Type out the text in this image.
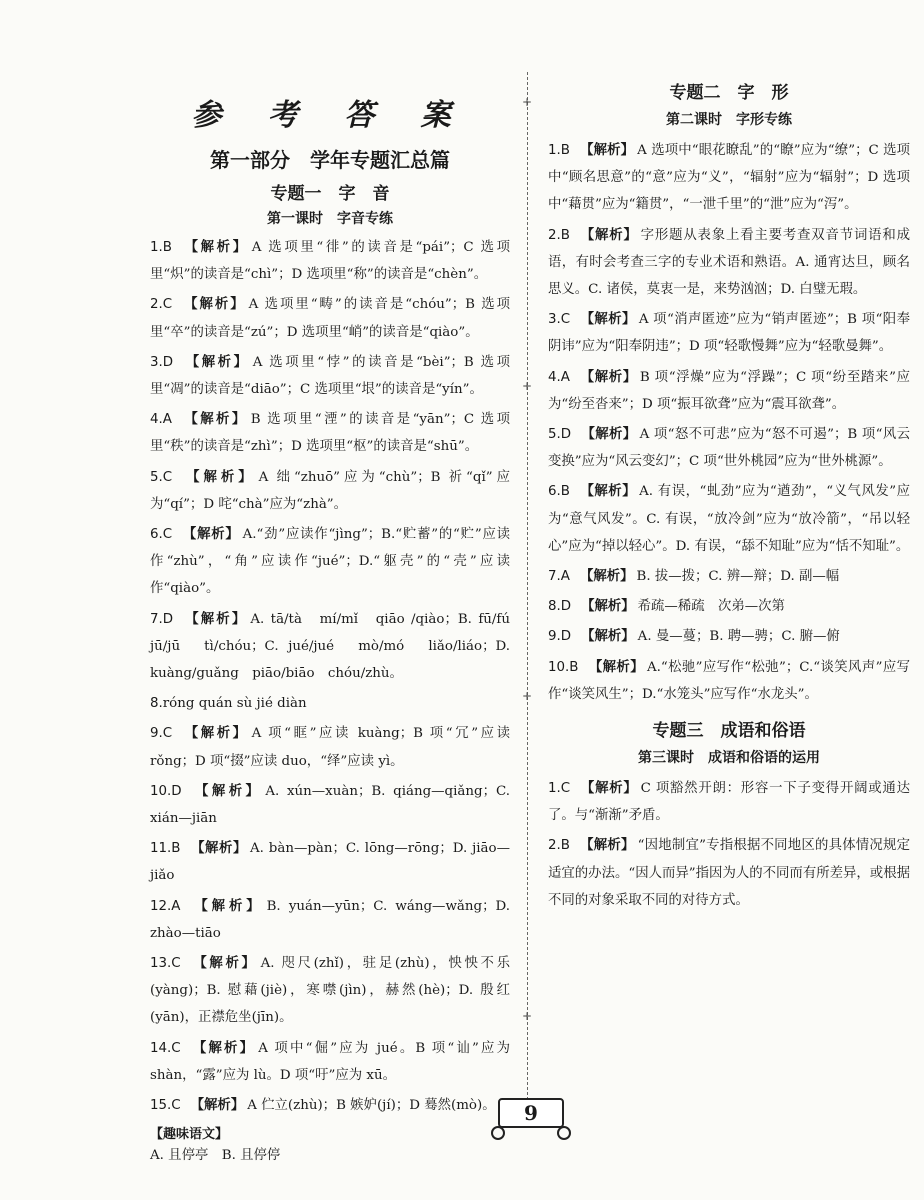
+
+
+
+
参 考 答 案
第一部分　学年专题汇总篇
专题一　字　音
第一课时　字音专练
1.B 【解析】 A 选项里“徘”的读音是“pái”；C 选项里“炽”的读音是“chì”；D 选项里“称”的读音是“chèn”。
2.C 【解析】 A 选项里“畴”的读音是“chóu”；B 选项里“卒”的读音是“zú”；D 选项里“峭”的读音是“qiào”。
3.D 【解析】 A 选项里“悖”的读音是“bèi”；B 选项里“凋”的读音是“diāo”；C 选项里“垠”的读音是“yín”。
4.A 【解析】 B 选项里“湮”的读音是“yān”；C 选项里“秩”的读音是“zhì”；D 选项里“枢”的读音是“shū”。
5.C 【解析】 A 绌“zhuō”应为“chù”；B 祈“qǐ”应为“qí”；D 咤“chà”应为“zhà”。
6.C 【解析】 A.“劲”应读作“jìng”；B.“贮蓄”的“贮”应读作“zhù”，“角”应读作“jué”；D.“躯壳”的“壳”应读作“qiào”。
7.D 【解析】 A. tā/tà　mí/mǐ　qiāo /qiào；B. fū/fú　jū/jū　tì/chóu；C. jué/jué　mò/mó　liǎo/liáo；D. kuàng/guǎng　piāo/biāo　chóu/zhù。
8.róng quán sù jié diàn
9.C 【解析】 A 项“眶”应读 kuàng；B 项“冗”应读 rǒng；D 项“掇”应读 duo，“绎”应读 yì。
10.D 【解析】 A. xún—xuàn；B. qiáng—qiǎng；C. xián—jiān
11.B 【解析】 A. bàn—pàn；C. lōng—rōng；D. jiāo—jiǎo
12.A 【解析】 B. yuán—yūn；C. wáng—wǎng；D. zhào—tiāo
13.C 【解析】 A. 咫尺(zhǐ)，驻足(zhù)，怏怏不乐(yàng)；B. 慰藉(jiè)，寒噤(jìn)，赫然(hè)；D. 殷红(yān)，正襟危坐(jīn)。
14.C 【解析】 A 项中“倔”应为 jué。B 项“讪”应为 shàn，“露”应为 lù。D 项“吁”应为 xū。
15.C 【解析】 A 伫立(zhù)；B 嫉妒(jí)；D 蓦然(mò)。
【趣味语文】
A. 且停亭　B. 且停停
专题二　字　形
第二课时　字形专练
1.B 【解析】 A 选项中“眼花瞭乱”的“瞭”应为“缭”；C 选项中“顾名思意”的“意”应为“义”，“辐射”应为“辐射”；D 选项中“藉贯”应为“籍贯”，“一泄千里”的“泄”应为“泻”。
2.B 【解析】 字形题从表象上看主要考查双音节词语和成语，有时会考查三字的专业术语和熟语。A. 通宵达旦，顾名思义。C. 诸侯，莫衷一是，来势汹汹；D. 白璧无瑕。
3.C 【解析】 A 项“消声匿迹”应为“销声匿迹”；B 项“阳奉阴讳”应为“阳奉阴违”；D 项“轻歌慢舞”应为“轻歌曼舞”。
4.A 【解析】 B 项“浮燥”应为“浮躁”；C 项“纷至踏来”应为“纷至沓来”；D 项“振耳欲聋”应为“震耳欲聋”。
5.D 【解析】 A 项“怒不可悲”应为“怒不可遏”；B 项“风云变换”应为“风云变幻”；C 项“世外桃园”应为“世外桃源”。
6.B 【解析】 A. 有误，“虬劲”应为“遒劲”，“义气风发”应为“意气风发”。C. 有误，“放冷剑”应为“放冷箭”，“吊以轻心”应为“掉以轻心”。D. 有误，“舔不知耻”应为“恬不知耻”。
7.A 【解析】 B. 拔—拨；C. 辨—辩；D. 副—幅
8.D 【解析】 希疏—稀疏　次弟—次第
9.D 【解析】 A. 曼—蔓；B. 聘—骋；C. 腑—俯
10.B 【解析】 A.“松驰”应写作“松弛”；C.“谈笑风声”应写作“谈笑风生”；D.“水笼头”应写作“水龙头”。
专题三　成语和俗语
第三课时　成语和俗语的运用
1.C 【解析】 C 项豁然开朗：形容一下子变得开阔或通达了。与“渐渐”矛盾。
2.B 【解析】 “因地制宜”专指根据不同地区的具体情况规定适宜的办法。“因人而异”指因为人的不同而有所差异，或根据不同的对象采取不同的对待方式。
9
